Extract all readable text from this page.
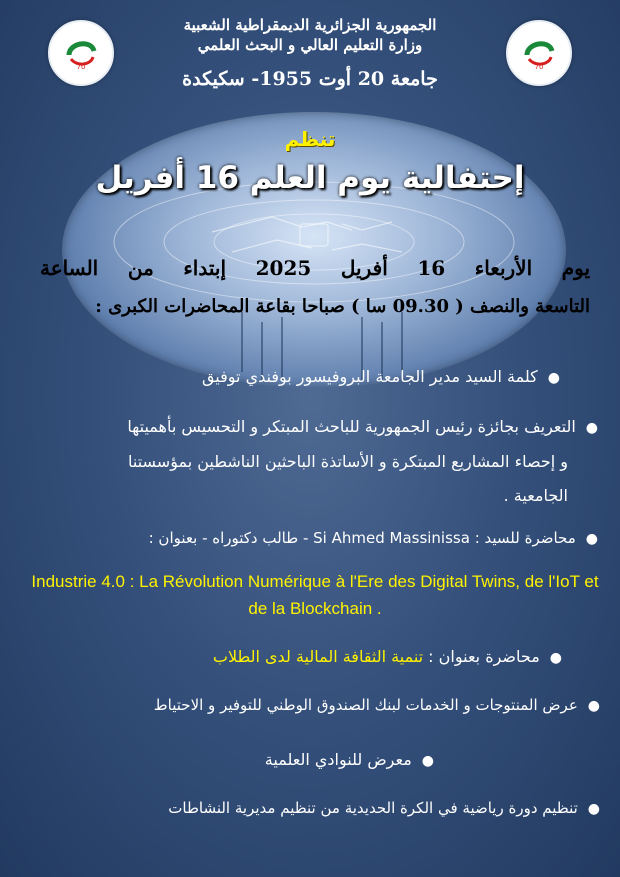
70	70
الجمهورية الجزائرية الديمقراطية الشعبية
وزارة التعليم العالي و البحث العلمي
جامعة 20 أوت 1955- سكيكدة
تنظم
إحتفالية يوم العلم 16 أفريل
يوم الأربعاء 16 أفريل 2025 إبتداء من الساعة
التاسعة والنصف ( 09.30 سا ) صباحا بقاعة المحاضرات الكبرى :
●كلمة السيد مدير الجامعة البروفيسور بوفندي توفيق
●التعريف بجائزة رئيس الجمهورية للباحث المبتكر و التحسيس بأهميتها
و إحصاء المشاريع المبتكرة و الأساتذة الباحثين الناشطين بمؤسستنا
الجامعية .
●محاضرة للسيد : Si Ahmed Massinissa - طالب دكتوراه - بعنوان :
Industrie 4.0 : La Révolution Numérique à l'Ere des Digital Twins, de l'IoT et de la Blockchain .
●محاضرة بعنوان : تنمية الثقافة المالية لدى الطلاب
●عرض المنتوجات و الخدمات لبنك الصندوق الوطني للتوفير و الاحتياط
●معرض للنوادي العلمية
●تنظيم دورة رياضية في الكرة الحديدية من تنظيم مديرية النشاطات
